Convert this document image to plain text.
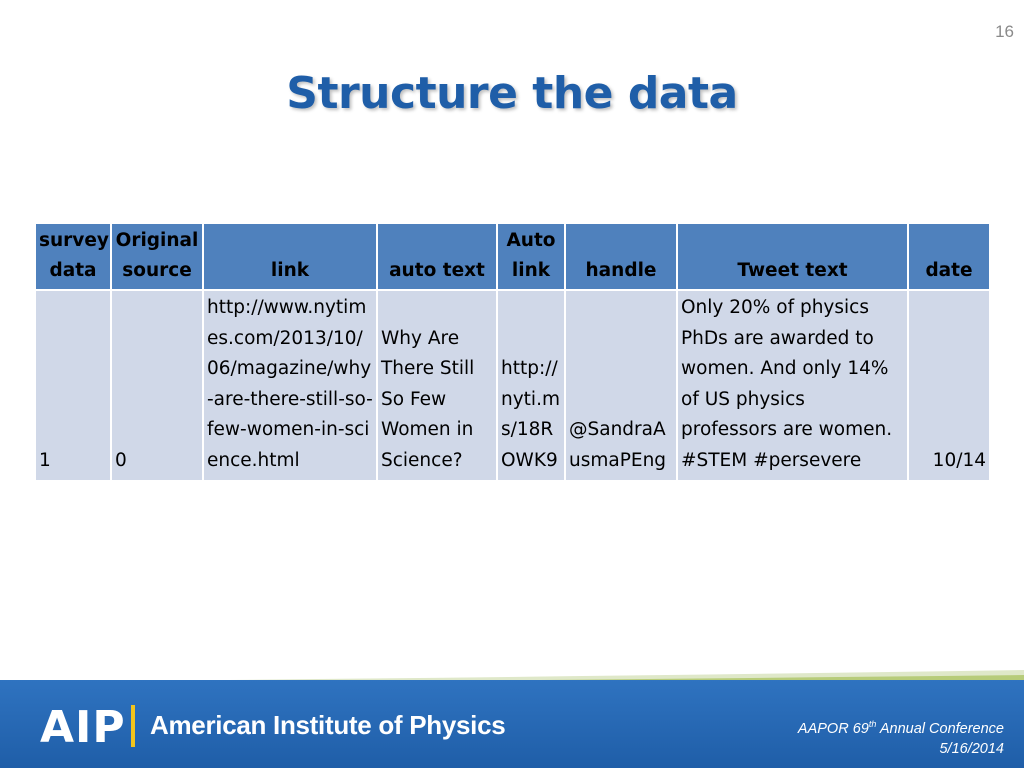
16
Structure the data
survey data	Original source	link	auto text	Auto link	handle	Tweet text	date
1	0	http://www.nytimes.com/2013/10/06/magazine/why-are-there-still-so-few-women-in-science.html	Why Are There Still So Few Women in Science?	http://nyti.ms/18ROWK9	@SandraAusmaPEng	Only 20% of physics PhDs are awarded to women. And only 14% of US physics professors are women. #STEM #persevere	10/14
AIP American Institute of Physics	AAPOR 69th Annual Conference
5/16/2014
